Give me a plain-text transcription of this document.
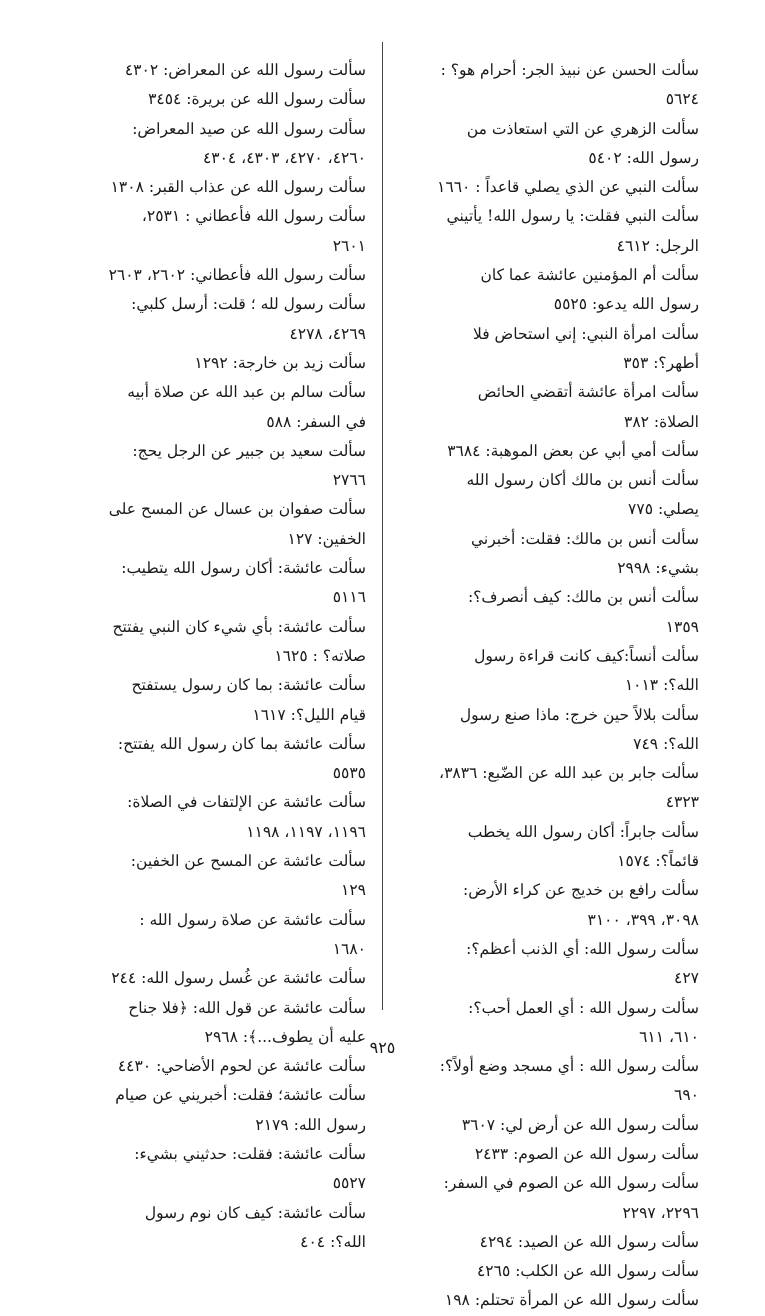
سألت الحسن عن نبيذ الجر: أحرام هو؟ : ٥٦٢٤

سألت الزهري عن التي استعاذت من رسول الله: ٥٤٠٢

سألت النبي عن الذي يصلي قاعداً : ١٦٦٠

سألت النبي فقلت: يا رسول الله! يأتيني الرجل: ٤٦١٢

سألت أم المؤمنين عائشة عما كان رسول الله يدعو: ٥٥٢٥

سألت امرأة النبي: إني استحاض فلا أطهر؟: ٣٥٣

سألت امرأة عائشة أتقضي الحائض الصلاة: ٣٨٢

سألت أمي أبي عن بعض الموهبة: ٣٦٨٤

سألت أنس بن مالك أكان رسول الله يصلي: ٧٧٥

سألت أنس بن مالك: فقلت: أخبرني بشيء: ٢٩٩٨

سألت أنس بن مالك: كيف أنصرف؟: ١٣٥٩

سألت أنساً:كيف كانت قراءة رسول الله؟: ١٠١٣

سألت بلالاً حين خرج: ماذا صنع رسول الله؟: ٧٤٩

سألت جابر بن عبد الله عن الضّبع: ٣٨٣٦، ٤٣٢٣

سألت جابراً: أكان رسول الله يخطب قائماً؟: ١٥٧٤

سألت رافع بن خديج عن كراء الأرض: ٣٠٩٨، ٣٩٩، ٣١٠٠

سألت رسول الله: أي الذنب أعظم؟: ٤٢٧

سألت رسول الله : أي العمل أحب؟: ٦١٠، ٦١١

سألت رسول الله : أي مسجد وضع أولاً؟: ٦٩٠

سألت رسول الله عن أرض لي: ٣٦٠٧

سألت رسول الله عن الصوم: ٢٤٣٣

سألت رسول الله عن الصوم في السفر: ٢٢٩٦، ٢٢٩٧

سألت رسول الله عن الصيد: ٤٢٩٤

سألت رسول الله عن الكلب: ٤٢٦٥

سألت رسول الله عن المرأة تحتلم: ١٩٨

سألت رسول الله عن المعراض: ٤٣٠٢

سألت رسول الله عن بريرة: ٣٤٥٤

سألت رسول الله عن صيد المعراض: ٤٢٦٠، ٤٢٧٠، ٤٣٠٣، ٤٣٠٤

سألت رسول الله عن عذاب القبر: ١٣٠٨

سألت رسول الله فأعطاني : ٢٥٣١، ٢٦٠١

سألت رسول الله فأعطاني: ٢٦٠٢، ٢٦٠٣

سألت رسول لله ؛ قلت: أرسل كلبي: ٤٢٦٩، ٤٢٧٨

سألت زيد بن خارجة: ١٢٩٢

سألت سالم بن عبد الله عن صلاة أبيه في السفر: ٥٨٨

سألت سعيد بن جبير عن الرجل يحج: ٢٧٦٦

سألت صفوان بن عسال عن المسح على الخفين: ١٢٧

سألت عائشة: أكان رسول الله يتطيب: ٥١١٦

سألت عائشة: بأي شيء كان النبي يفتتح صلاته؟ : ١٦٢٥

سألت عائشة: بما كان رسول يستفتح قيام الليل؟: ١٦١٧

سألت عائشة بما كان رسول الله يفتتح: ٥٥٣٥

سألت عائشة عن الإلتفات في الصلاة: ١١٩٦، ١١٩٧، ١١٩٨

سألت عائشة عن المسح عن الخفين: ١٢٩

سألت عائشة عن صلاة رسول الله : ١٦٨٠

سألت عائشة عن غُسل رسول الله: ٢٤٤

سألت عائشة عن قول الله: ﴿فلا جناح عليه أن يطوف...﴾: ٢٩٦٨

سألت عائشة عن لحوم الأضاحي: ٤٤٣٠

سألت عائشة؛ فقلت: أخبريني عن صيام رسول الله: ٢١٧٩

سألت عائشة: فقلت: حدثيني بشيء: ٥٥٢٧

سألت عائشة: كيف كان نوم رسول الله؟: ٤٠٤

٩٢٥
